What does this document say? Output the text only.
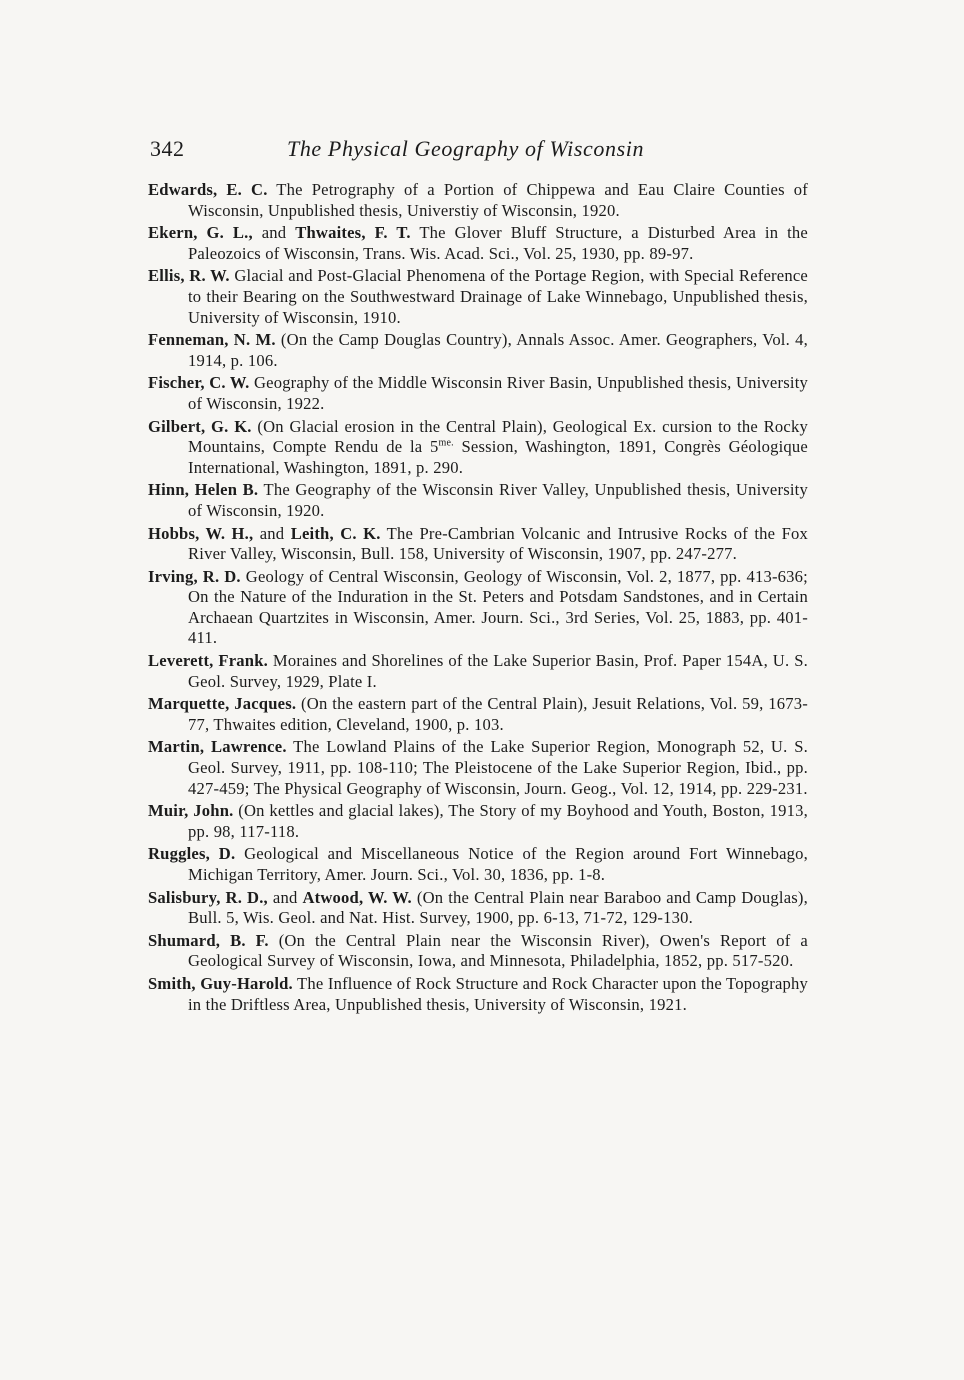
342	The Physical Geography of Wisconsin

Edwards, E. C. The Petrography of a Portion of Chippewa and Eau Claire Counties of Wisconsin, Unpublished thesis, Universtiy of Wisconsin, 1920.

Ekern, G. L., and Thwaites, F. T. The Glover Bluff Structure, a Disturbed Area in the Paleozoics of Wisconsin, Trans. Wis. Acad. Sci., Vol. 25, 1930, pp. 89-97.

Ellis, R. W. Glacial and Post-Glacial Phenomena of the Portage Region, with Special Reference to their Bearing on the Southwestward Drainage of Lake Winnebago, Unpublished thesis, University of Wisconsin, 1910.

Fenneman, N. M. (On the Camp Douglas Country), Annals Assoc. Amer. Geographers, Vol. 4, 1914, p. 106.

Fischer, C. W. Geography of the Middle Wisconsin River Basin, Unpublished thesis, University of Wisconsin, 1922.

Gilbert, G. K. (On Glacial erosion in the Central Plain), Geological Ex. cursion to the Rocky Mountains, Compte Rendu de la $5^{me.}$ Session, Washington, 1891, Congrès Géologique International, Washington, 1891, p. 290.

Hinn, Helen B. The Geography of the Wisconsin River Valley, Unpublished thesis, University of Wisconsin, 1920.

Hobbs, W. H., and Leith, C. K. The Pre-Cambrian Volcanic and Intrusive Rocks of the Fox River Valley, Wisconsin, Bull. 158, University of Wisconsin, 1907, pp. 247-277.

Irving, R. D. Geology of Central Wisconsin, Geology of Wisconsin, Vol. 2, 1877, pp. 413-636; On the Nature of the Induration in the St. Peters and Potsdam Sandstones, and in Certain Archaean Quartzites in Wisconsin, Amer. Journ. Sci., 3rd Series, Vol. 25, 1883, pp. 401-411.

Leverett, Frank. Moraines and Shorelines of the Lake Superior Basin, Prof. Paper 154A, U. S. Geol. Survey, 1929, Plate I.

Marquette, Jacques. (On the eastern part of the Central Plain), Jesuit Relations, Vol. 59, 1673-77, Thwaites edition, Cleveland, 1900, p. 103.

Martin, Lawrence. The Lowland Plains of the Lake Superior Region, Monograph 52, U. S. Geol. Survey, 1911, pp. 108-110; The Pleistocene of the Lake Superior Region, Ibid., pp. 427-459; The Physical Geography of Wisconsin, Journ. Geog., Vol. 12, 1914, pp. 229-231.

Muir, John. (On kettles and glacial lakes), The Story of my Boyhood and Youth, Boston, 1913, pp. 98, 117-118.

Ruggles, D. Geological and Miscellaneous Notice of the Region around Fort Winnebago, Michigan Territory, Amer. Journ. Sci., Vol. 30, 1836, pp. 1-8.

Salisbury, R. D., and Atwood, W. W. (On the Central Plain near Baraboo and Camp Douglas), Bull. 5, Wis. Geol. and Nat. Hist. Survey, 1900, pp. 6-13, 71-72, 129-130.

Shumard, B. F. (On the Central Plain near the Wisconsin River), Owen's Report of a Geological Survey of Wisconsin, Iowa, and Minnesota, Philadelphia, 1852, pp. 517-520.

Smith, Guy-Harold. The Influence of Rock Structure and Rock Character upon the Topography in the Driftless Area, Unpublished thesis, University of Wisconsin, 1921.
